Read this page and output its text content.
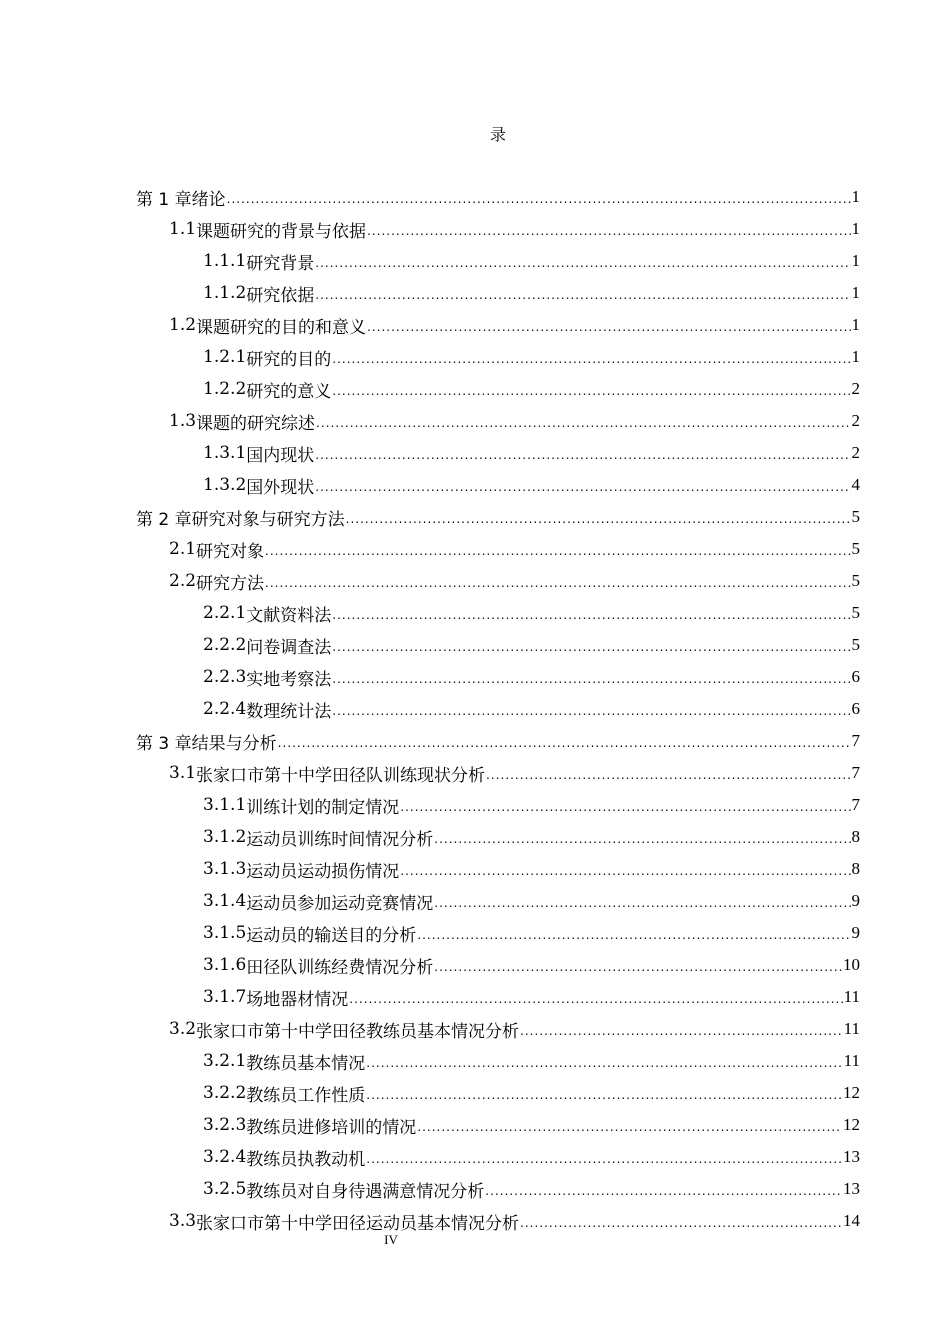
录
第 1 章 绪论 .....	1
1.1 课题研究的背景与依据 .....	1
1.1.1 研究背景 .....	1
1.1.2 研究依据 .....	1
1.2 课题研究的目的和意义 .....	1
1.2.1 研究的目的 .....	1
1.2.2 研究的意义 .....	2
1.3 课题的研究综述 .....	2
1.3.1 国内现状 .....	2
1.3.2 国外现状 .....	4
第 2 章 研究对象与研究方法 .....	5
2.1 研究对象 .....	5
2.2 研究方法 .....	5
2.2.1 文献资料法 .....	5
2.2.2 问卷调查法 .....	5
2.2.3 实地考察法 .....	6
2.2.4 数理统计法 .....	6
第 3 章 结果与分析 .....	7
3.1 张家口市第十中学田径队训练现状分析 .....	7
3.1.1 训练计划的制定情况 .....	7
3.1.2 运动员训练时间情况分析 .....	8
3.1.3 运动员运动损伤情况 .....	8
3.1.4 运动员参加运动竞赛情况 .....	9
3.1.5 运动员的输送目的分析 .....	9
3.1.6 田径队训练经费情况分析 .....	10
3.1.7 场地器材情况 .....	11
3.2 张家口市第十中学田径教练员基本情况分析 .....	11
3.2.1 教练员基本情况 .....	11
3.2.2 教练员工作性质 .....	12
3.2.3 教练员进修培训的情况 .....	12
3.2.4 教练员执教动机 .....	13
3.2.5 教练员对自身待遇满意情况分析 .....	13
3.3 张家口市第十中学田径运动员基本情况分析 .....	14
IV
